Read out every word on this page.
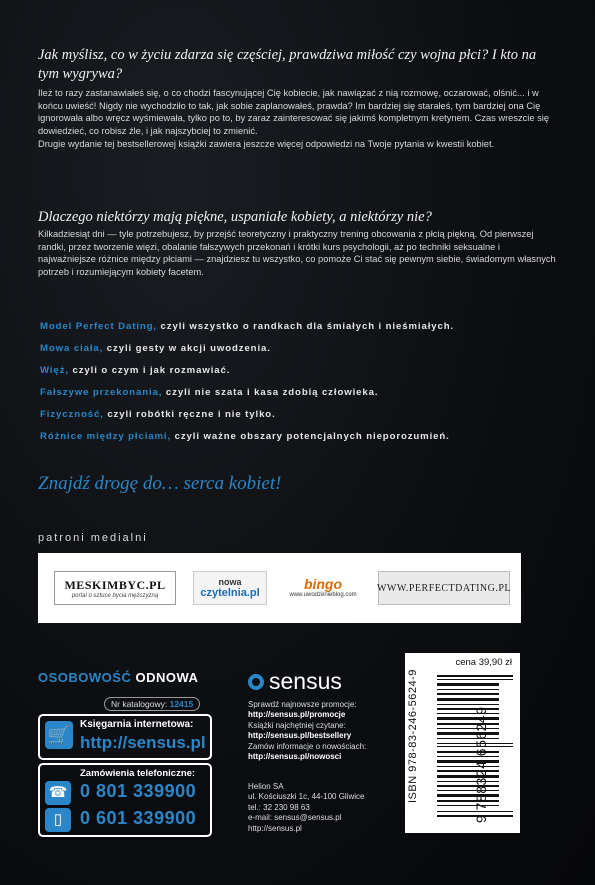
Jak myślisz, co w życiu zdarza się częściej, prawdziwa miłość czy wojna płci? I kto na tym wygrywa?
Ileż to razy zastanawiałeś się, o co chodzi fascynującej Cię kobiecie, jak nawiązać z nią rozmowę, oczarować, olśnić... i w końcu uwieść! Nigdy nie wychodziło to tak, jak sobie zaplanowałeś, prawda? Im bardziej się starałeś, tym bardziej ona Cię ignorowała albo wręcz wyśmiewała, tylko po to, by zaraz zainteresować się jakimś kompletnym kretynem. Czas wreszcie się dowiedzieć, co robisz źle, i jak najszybciej to zmienić.
Drugie wydanie tej bestsellerowej książki zawiera jeszcze więcej odpowiedzi na Twoje pytania w kwestii kobiet.
Dlaczego niektórzy mają piękne, uspaniałe kobiety, a niektórzy nie?
Kilkadziesiąt dni — tyle potrzebujesz, by przejść teoretyczny i praktyczny trening obcowania z płcią piękną. Od pierwszej randki, przez tworzenie więzi, obalanie fałszywych przekonań i krótki kurs psychologii, aż po techniki seksualne i najważniejsze różnice między płciami — znajdziesz tu wszystko, co pomoże Ci stać się pewnym siebie, świadomym własnych potrzeb i rozumiejącym kobiety facetem.
Model Perfect Dating, czyli wszystko o randkach dla śmiałych i nieśmiałych.
Mowa ciała, czyli gesty w akcji uwodzenia.
Więź, czyli o czym i jak rozmawiać.
Fałszywe przekonania, czyli nie szata i kasa zdobią człowieka.
Fizyczność, czyli robótki ręczne i nie tylko.
Różnice między płciami, czyli ważne obszary potencjalnych nieporozumień.
Znajdź drogę do… serca kobiet!
patroni medialni
MESKIMBYC.PL
portal o sztuce bycia mężczyzną
nowa
czytelnia.pl
bingo
www.uwodzenieblog.com
WWW.PERFECTDATING.PL
OSOBOWOŚĆ ODNOWA
Nr katalogowy: 12415
🛒
Księgarnia internetowa:
http://sensus.pl
Zamówienia telefoniczne:
☎ 0 801 339900
▯ 0 601 339900
sensus
Sprawdź najnowsze promocje:
http://sensus.pl/promocje
Książki najchętniej czytane:
http://sensus.pl/bestsellery
Zamów informacje o nowościach:
http://sensus.pl/nowosci
Helion SA
ul. Kościuszki 1c, 44-100 Gliwice
tel.: 32 230 98 63
e-mail: sensus@sensus.pl
http://sensus.pl
cena 39,90 zł
ISBN 978-83-246-5624-9	9 788324 656249
